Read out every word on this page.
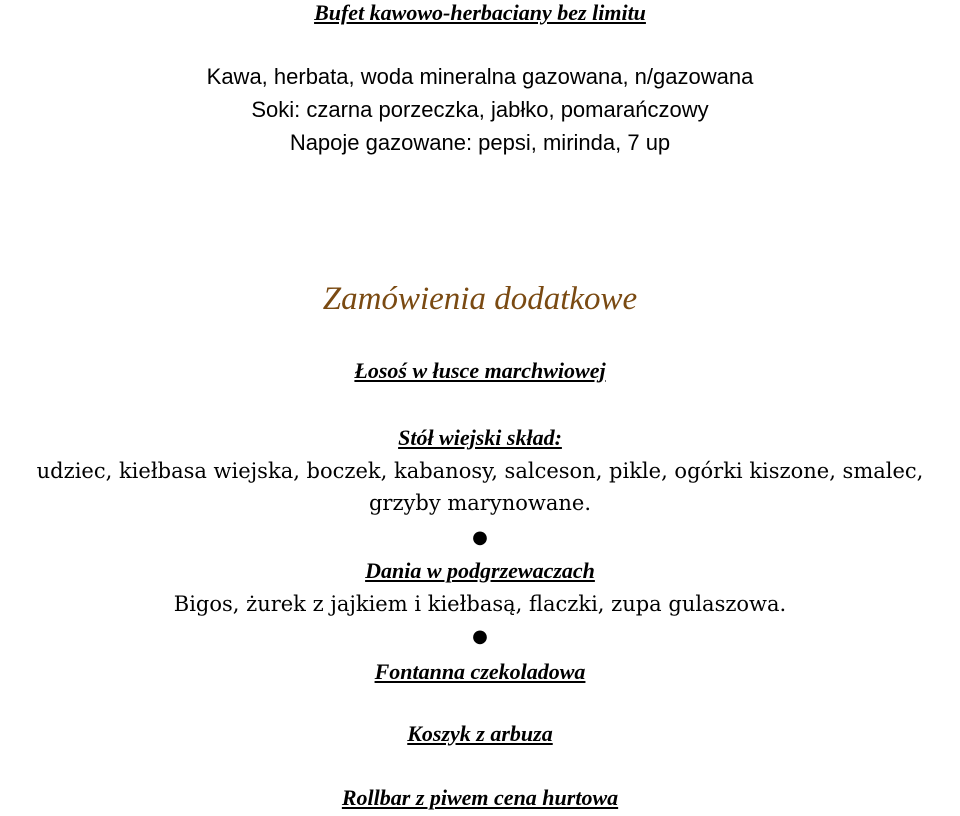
Bufet kawowo-herbaciany bez limitu
Kawa, herbata, woda mineralna gazowana, n/gazowana
Soki: czarna porzeczka, jabłko, pomarańczowy
Napoje gazowane: pepsi, mirinda, 7 up
Zamówienia dodatkowe
Łosoś w łusce marchwiowej
Stół wiejski skład:
udziec, kiełbasa wiejska, boczek, kabanosy, salceson, pikle, ogórki kiszone, smalec,
grzyby marynowane.
●
Dania w podgrzewaczach
Bigos, żurek z jajkiem i kiełbasą, flaczki, zupa gulaszowa.
●
Fontanna czekoladowa
Koszyk z arbuza
Rollbar z piwem cena hurtowa
